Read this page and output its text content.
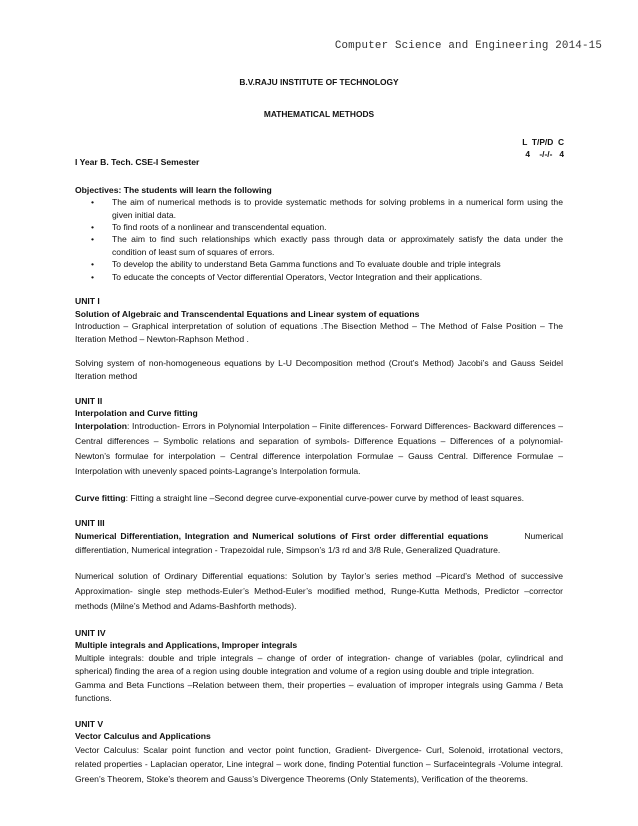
Computer Science and Engineering 2014-15
B.V.RAJU INSTITUTE OF TECHNOLOGY
MATHEMATICAL METHODS
L  T/P/D  C
4    -/-/-   4
I Year B. Tech. CSE-I Semester
Objectives: The students will learn the following
• The aim of numerical methods is to provide systematic methods for solving problems in a numerical form using the given initial data.
• To find roots of a nonlinear and transcendental equation.
• The aim to find such relationships which exactly pass through data or approximately satisfy the data under the condition of least sum of squares of errors.
• To develop the ability to understand Beta Gamma functions and To evaluate double and triple integrals
• To educate the concepts of Vector differential Operators, Vector Integration and their applications.
UNIT I
Solution of Algebraic and Transcendental Equations and Linear system of equations
Introduction – Graphical interpretation of solution of equations .The Bisection Method – The Method of False Position – The Iteration Method – Newton-Raphson Method .
Solving system of non-homogeneous equations by L-U Decomposition method (Crout’s Method) Jacobi’s and Gauss Seidel Iteration method
UNIT II
Interpolation and Curve fitting
Interpolation: Introduction- Errors in Polynomial Interpolation – Finite differences- Forward Differences- Backward differences –Central differences – Symbolic relations and separation of symbols- Difference Equations – Differences of a polynomial-Newton’s formulae for interpolation – Central difference interpolation Formulae – Gauss Central. Difference Formulae – Interpolation with unevenly spaced points-Lagrange’s Interpolation formula.
Curve fitting: Fitting a straight line –Second degree curve-exponential curve-power curve by method of least squares.
UNIT III
Numerical Differentiation, Integration and Numerical solutions of First order differential equations	Numerical differentiation, Numerical integration - Trapezoidal rule, Simpson’s 1/3 rd and 3/8 Rule, Generalized Quadrature.
Numerical solution of Ordinary Differential equations: Solution by Taylor’s series method –Picard’s Method of successive Approximation- single step methods-Euler’s Method-Euler’s modified method, Runge-Kutta Methods, Predictor –corrector methods (Milne’s Method and Adams-Bashforth methods).
UNIT IV
Multiple integrals and Applications, Improper integrals
Multiple integrals: double and triple integrals – change of order of integration- change of variables (polar, cylindrical and spherical) finding the area of a region using double integration and volume of a region using double and triple integration.
Gamma and Beta Functions –Relation between them, their properties – evaluation of improper integrals using Gamma / Beta functions.
UNIT V
Vector Calculus and Applications
Vector Calculus: Scalar point function and vector point function, Gradient- Divergence- Curl, Solenoid, irrotational vectors, related properties - Laplacian operator, Line integral – work done, finding Potential function – Surfaceintegrals -Volume integral. Green’s Theorem, Stoke’s theorem and Gauss’s Divergence Theorems (Only Statements), Verification of the theorems.
